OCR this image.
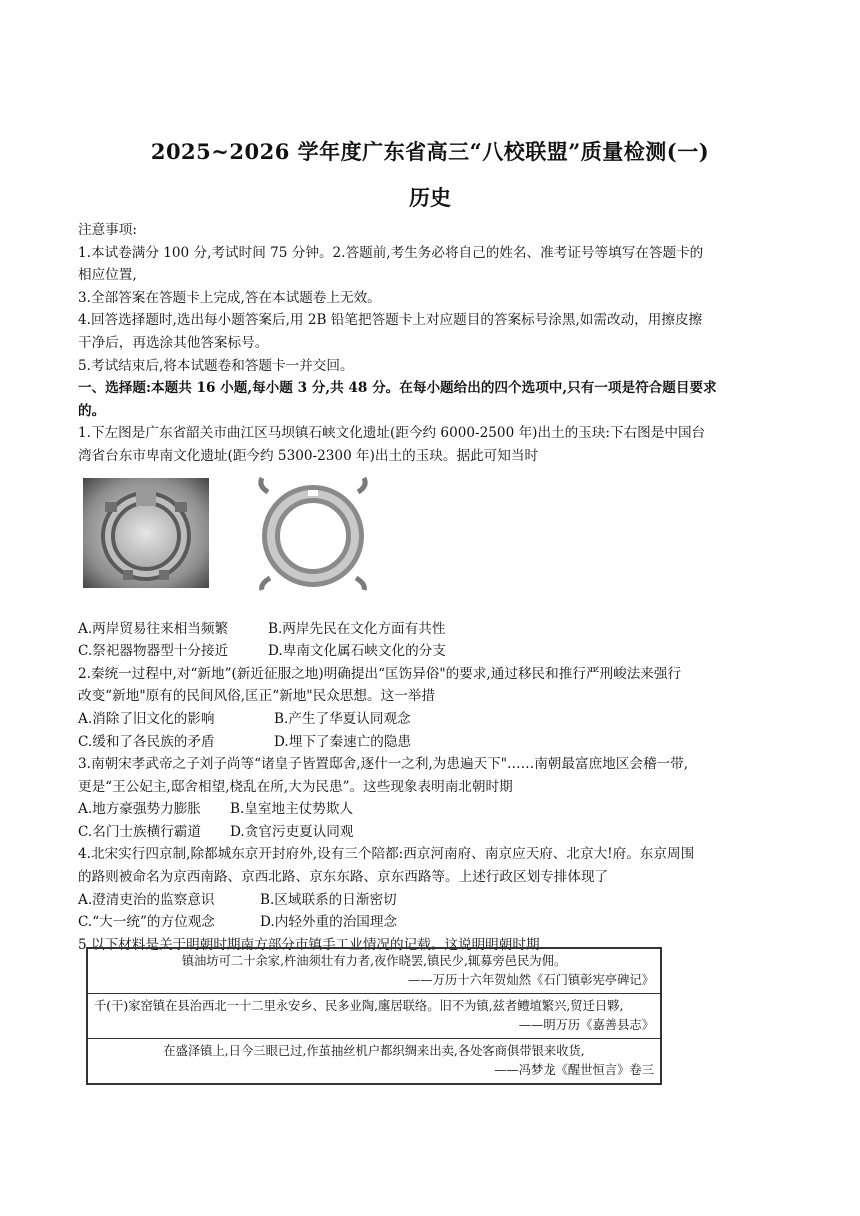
2025~2026 学年度广东省高三“八校联盟”质量检测(一)
历史
注意事项:
1.本试卷满分 100 分,考试时间 75 分钟。2.答题前,考生务必将自己的姓名、准考证号等填写在答题卡的
相应位置,
3.全部答案在答题卡上完成,答在本试题卷上无效。
4.回答选择题时,选出每小题答案后,用 2B 铅笔把答题卡上对应题目的答案标号涂黑,如需改动，用擦皮擦
干净后，再选涂其他答案标号。
5.考试结束后,将本试题卷和答题卡一并交回。
一、选择题:本题共 16 小题,每小题 3 分,共 48 分。在每小题给出的四个选项中,只有一项是符合题目要求
的。
1.下左图是广东省韶关市曲江区马坝镇石峡文化遗址(距今约 6000-2500 年)出土的玉玦:下右图是中国台
湾省台东市卑南文化遗址(距今约 5300-2300 年)出土的玉玦。据此可知当时
A.两岸贸易往来相当频繁	B.两岸先民在文化方面有共性
C.祭祀器物器型十分接近	D.卑南文化属石峡文化的分支
2.秦统一过程中,对“新地”(新近征服之地)明确提出“匡饬异俗"的要求,通过移民和推行严刑峻法来强行
改变“新地"原有的民间风俗,匡正“新地"民众思想。这一举措
A.消除了旧文化的影响	B.产生了华夏认同观念
C.缓和了各民族的矛盾	D.埋下了秦速亡的隐患
3.南朝宋孝武帝之子刘子尚等“诸皇子皆置邸舍,逐什一之利,为患遍天下"……南朝最富庶地区会稽一带,
更是“王公妃主,邸舍相望,桡乱在所,大为民患”。这些现象表明南北朝时期
A.地方豪强势力膨胀	B.皇室地主仗势欺人
C.名门士族横行霸道	D.贪官污吏夏认同观
4.北宋实行四京制,除都城东京开封府外,设有三个陪都:西京河南府、南京应天府、北京大!府。东京周围
的路则被命名为京西南路、京西北路、京东东路、京东西路等。上述行政区划专排体现了
A.澄清吏治的监察意识	B.区域联系的日渐密切
C.“大一统”的方位观念	D.内轻外重的治国理念
5.以下材料是关于明朝时期南方部分市镇手工业情况的记载。这说明明朝时期
镇油坊可二十余家,杵油须壮有力者,夜作晓罢,镇民少,辄募旁邑民为佣。
——万历十六年贺灿然《石门镇彰宪亭碑记》
千(干)家窑镇在县治西北一十二里永安乡、民多业陶,廛居联络。旧不为镇,兹者鳢埴繁兴,贸迁日夥,
——明万历《嘉善县志》
在盛泽镇上,日今三眼已过,作茧抽丝机户都织绸来出卖,各处客商俱带银来收货,
——冯梦龙《醒世恒言》卷三
